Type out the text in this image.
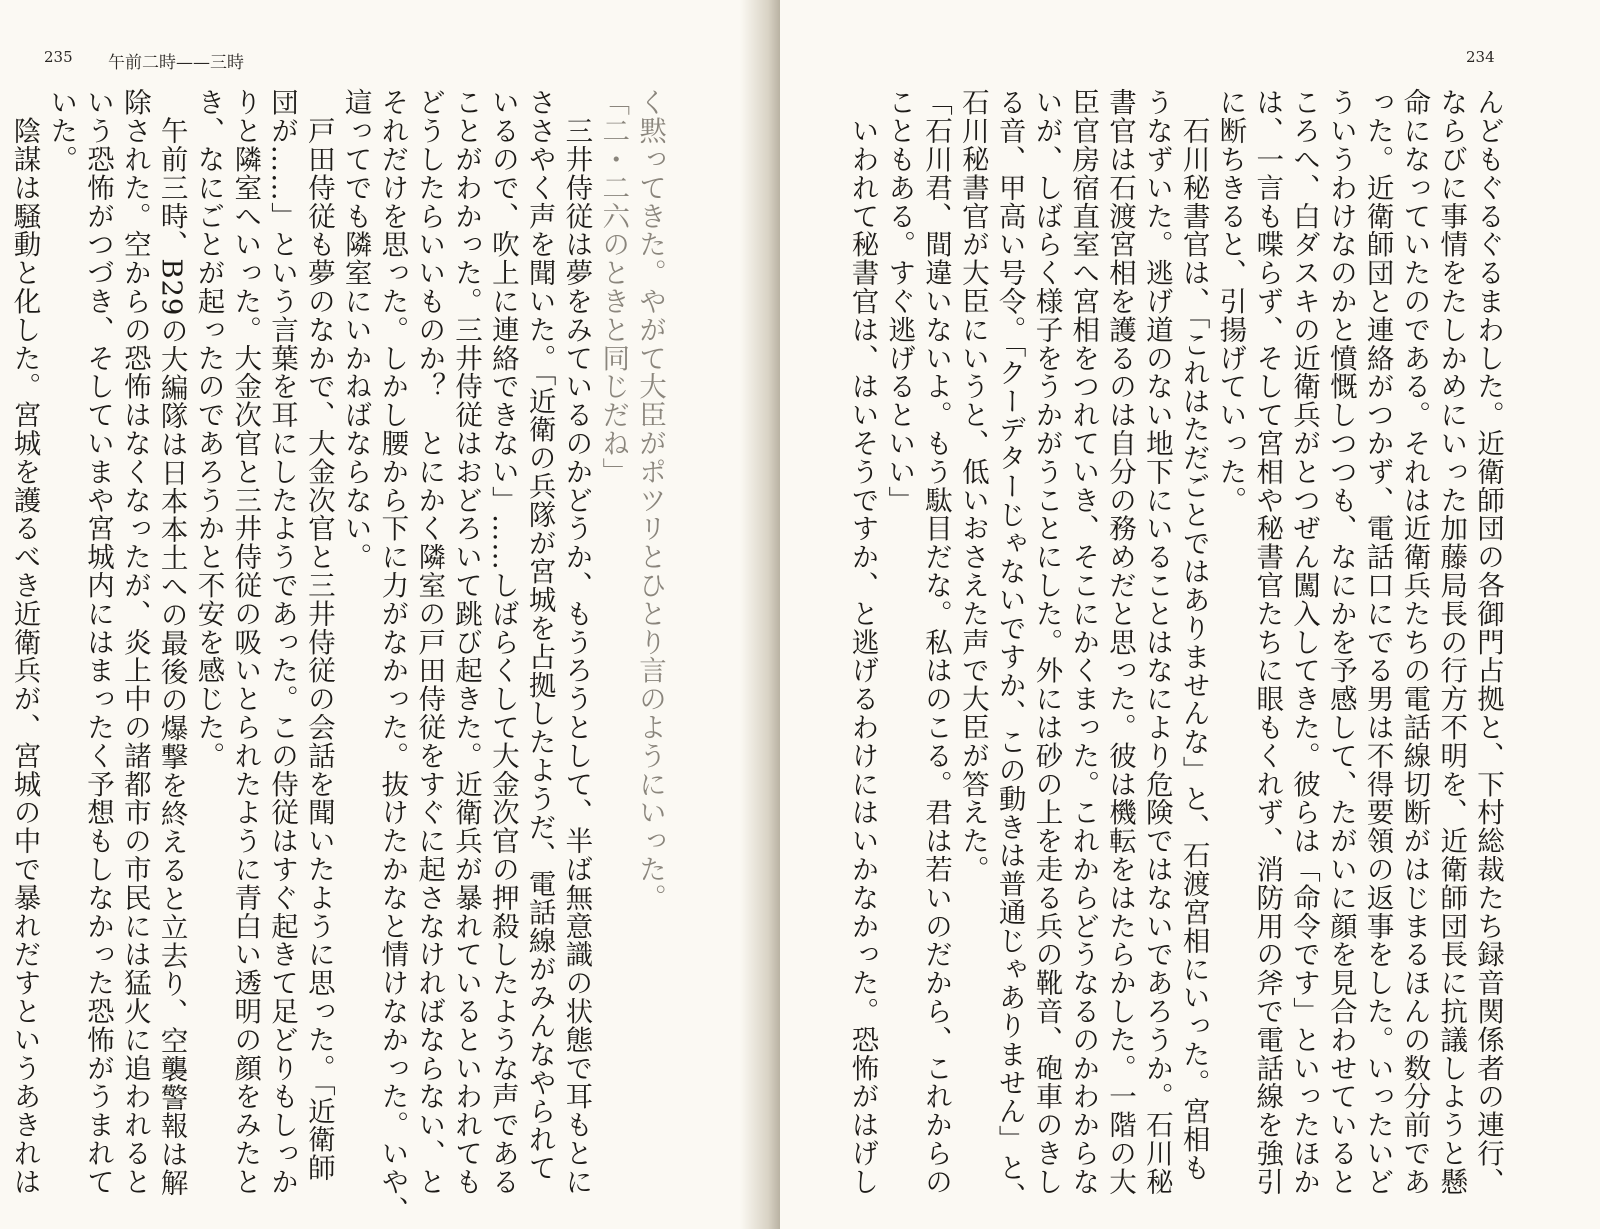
235 午前二時——三時
く黙ってきた。やがて大臣がポツリとひとり言のようにいった。
「二・二六のときと同じだね」
　三井侍従は夢をみているのかどうか、もうろうとして、半ば無意識の状態で耳もとに
ささやく声を聞いた。「近衛の兵隊が宮城を占拠したようだ、電話線がみんなやられて
いるので、吹上に連絡できない」……しばらくして大金次官の押殺したような声である
ことがわかった。三井侍従はおどろいて跳び起きた。近衛兵が暴れているといわれても
どうしたらいいものか？　とにかく隣室の戸田侍従をすぐに起さなければならない、と
それだけを思った。しかし腰から下に力がなかった。抜けたかなと情けなかった。いや、
這ってでも隣室にいかねばならない。
　戸田侍従も夢のなかで、大金次官と三井侍従の会話を聞いたように思った。「近衛師
団が……」という言葉を耳にしたようであった。この侍従はすぐ起きて足どりもしっか
りと隣室へいった。大金次官と三井侍従の吸いとられたように青白い透明の顔をみたと
き、なにごとが起ったのであろうかと不安を感じた。
　午前三時、B29の大編隊は日本本土への最後の爆撃を終えると立去り、空襲警報は解
除された。空からの恐怖はなくなったが、炎上中の諸都市の市民には猛火に追われると
いう恐怖がつづき、そしていまや宮城内にはまったく予想もしなかった恐怖がうまれて
いた。
　陰謀は騒動と化した。宮城を護るべき近衛兵が、宮城の中で暴れだすというあきれは
234
んどもぐるぐるまわした。近衛師団の各御門占拠と、下村総裁たち録音関係者の連行、
ならびに事情をたしかめにいった加藤局長の行方不明を、近衛師団長に抗議しようと懸
命になっていたのである。それは近衛兵たちの電話線切断がはじまるほんの数分前であ
った。近衛師団と連絡がつかず、電話口にでる男は不得要領の返事をした。いったいど
ういうわけなのかと憤慨しつつも、なにかを予感して、たがいに顔を見合わせていると
ころへ、白ダスキの近衛兵がとつぜん闖入してきた。彼らは「命令です」といったほか
は、一言も喋らず、そして宮相や秘書官たちに眼もくれず、消防用の斧で電話線を強引
に断ちきると、引揚げていった。
　石川秘書官は、「これはただごとではありませんな」と、石渡宮相にいった。宮相も
うなずいた。逃げ道のない地下にいることはなにより危険ではないであろうか。石川秘
書官は石渡宮相を護るのは自分の務めだと思った。彼は機転をはたらかした。一階の大
臣官房宿直室へ宮相をつれていき、そこにかくまった。これからどうなるのかわからな
いが、しばらく様子をうかがうことにした。外には砂の上を走る兵の靴音、砲車のきし
る音、甲高い号令。「クーデターじゃないですか、この動きは普通じゃありません」と、
石川秘書官が大臣にいうと、低いおさえた声で大臣が答えた。
「石川君、間違いないよ。もう駄目だな。私はのこる。君は若いのだから、これからの
こともある。すぐ逃げるといい」
　いわれて秘書官は、はいそうですか、と逃げるわけにはいかなかった。恐怖がはげし
